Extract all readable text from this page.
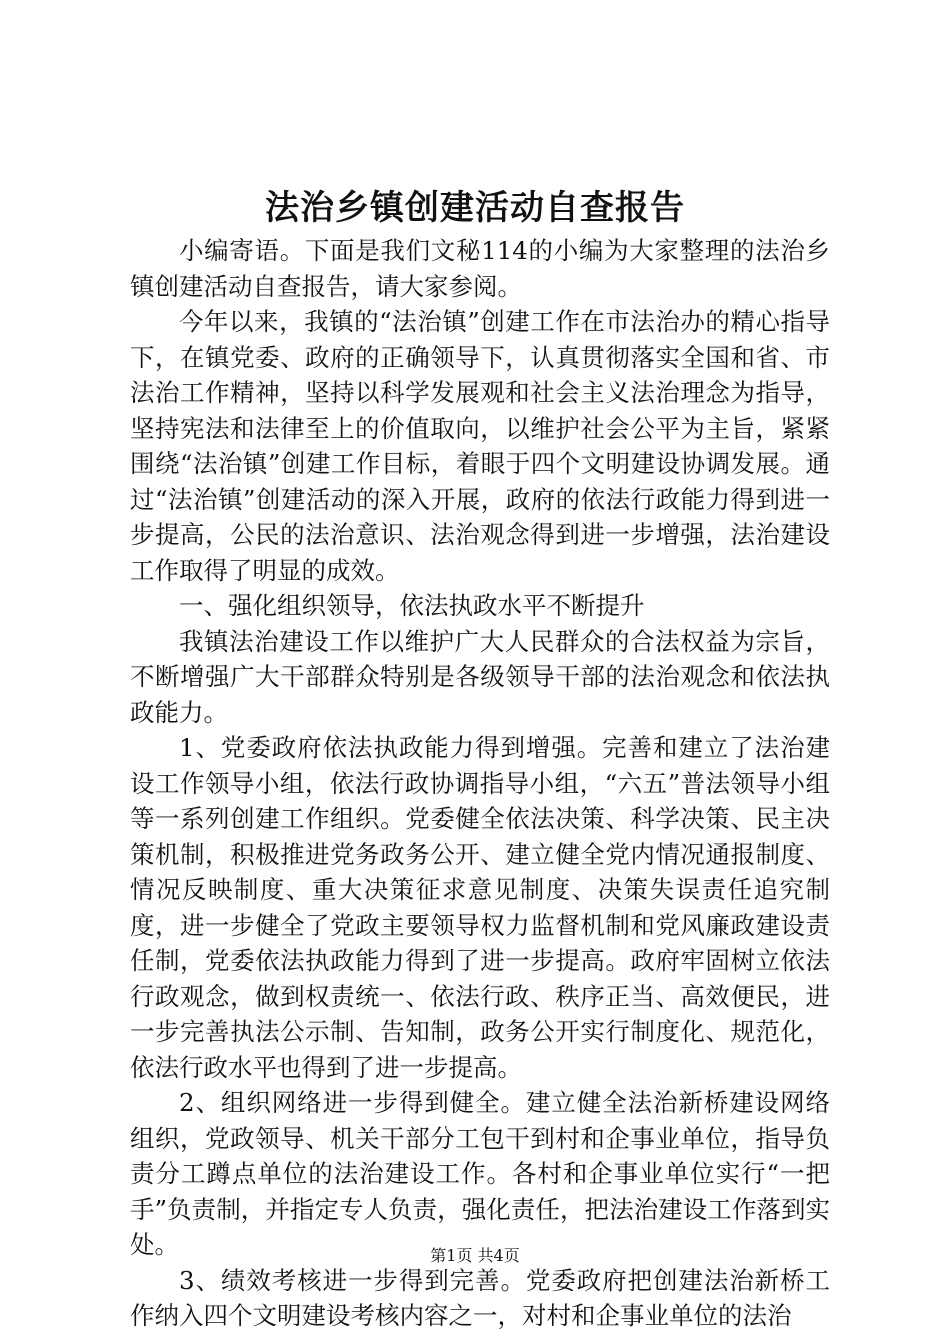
法治乡镇创建活动自查报告

小编寄语。下面是我们文秘114的小编为大家整理的法治乡镇创建活动自查报告，请大家参阅。

今年以来，我镇的“法治镇”创建工作在市法治办的精心指导下，在镇党委、政府的正确领导下，认真贯彻落实全国和省、市法治工作精神，坚持以科学发展观和社会主义法治理念为指导，坚持宪法和法律至上的价值取向，以维护社会公平为主旨，紧紧围绕“法治镇”创建工作目标，着眼于四个文明建设协调发展。通过“法治镇”创建活动的深入开展，政府的依法行政能力得到进一步提高，公民的法治意识、法治观念得到进一步增强，法治建设工作取得了明显的成效。

一、强化组织领导，依法执政水平不断提升

我镇法治建设工作以维护广大人民群众的合法权益为宗旨，不断增强广大干部群众特别是各级领导干部的法治观念和依法执政能力。

1、党委政府依法执政能力得到增强。完善和建立了法治建设工作领导小组，依法行政协调指导小组，“六五”普法领导小组等一系列创建工作组织。党委健全依法决策、科学决策、民主决策机制，积极推进党务政务公开、建立健全党内情况通报制度、情况反映制度、重大决策征求意见制度、决策失误责任追究制度，进一步健全了党政主要领导权力监督机制和党风廉政建设责任制，党委依法执政能力得到了进一步提高。政府牢固树立依法行政观念，做到权责统一、依法行政、秩序正当、高效便民，进一步完善执法公示制、告知制，政务公开实行制度化、规范化，依法行政水平也得到了进一步提高。

2、组织网络进一步得到健全。建立健全法治新桥建设网络组织，党政领导、机关干部分工包干到村和企事业单位，指导负责分工蹲点单位的法治建设工作。各村和企事业单位实行“一把手”负责制，并指定专人负责，强化责任，把法治建设工作落到实处。

3、绩效考核进一步得到完善。党委政府把创建法治新桥工作纳入四个文明建设考核内容之一，对村和企事业单位的法治

第1页 共4页
